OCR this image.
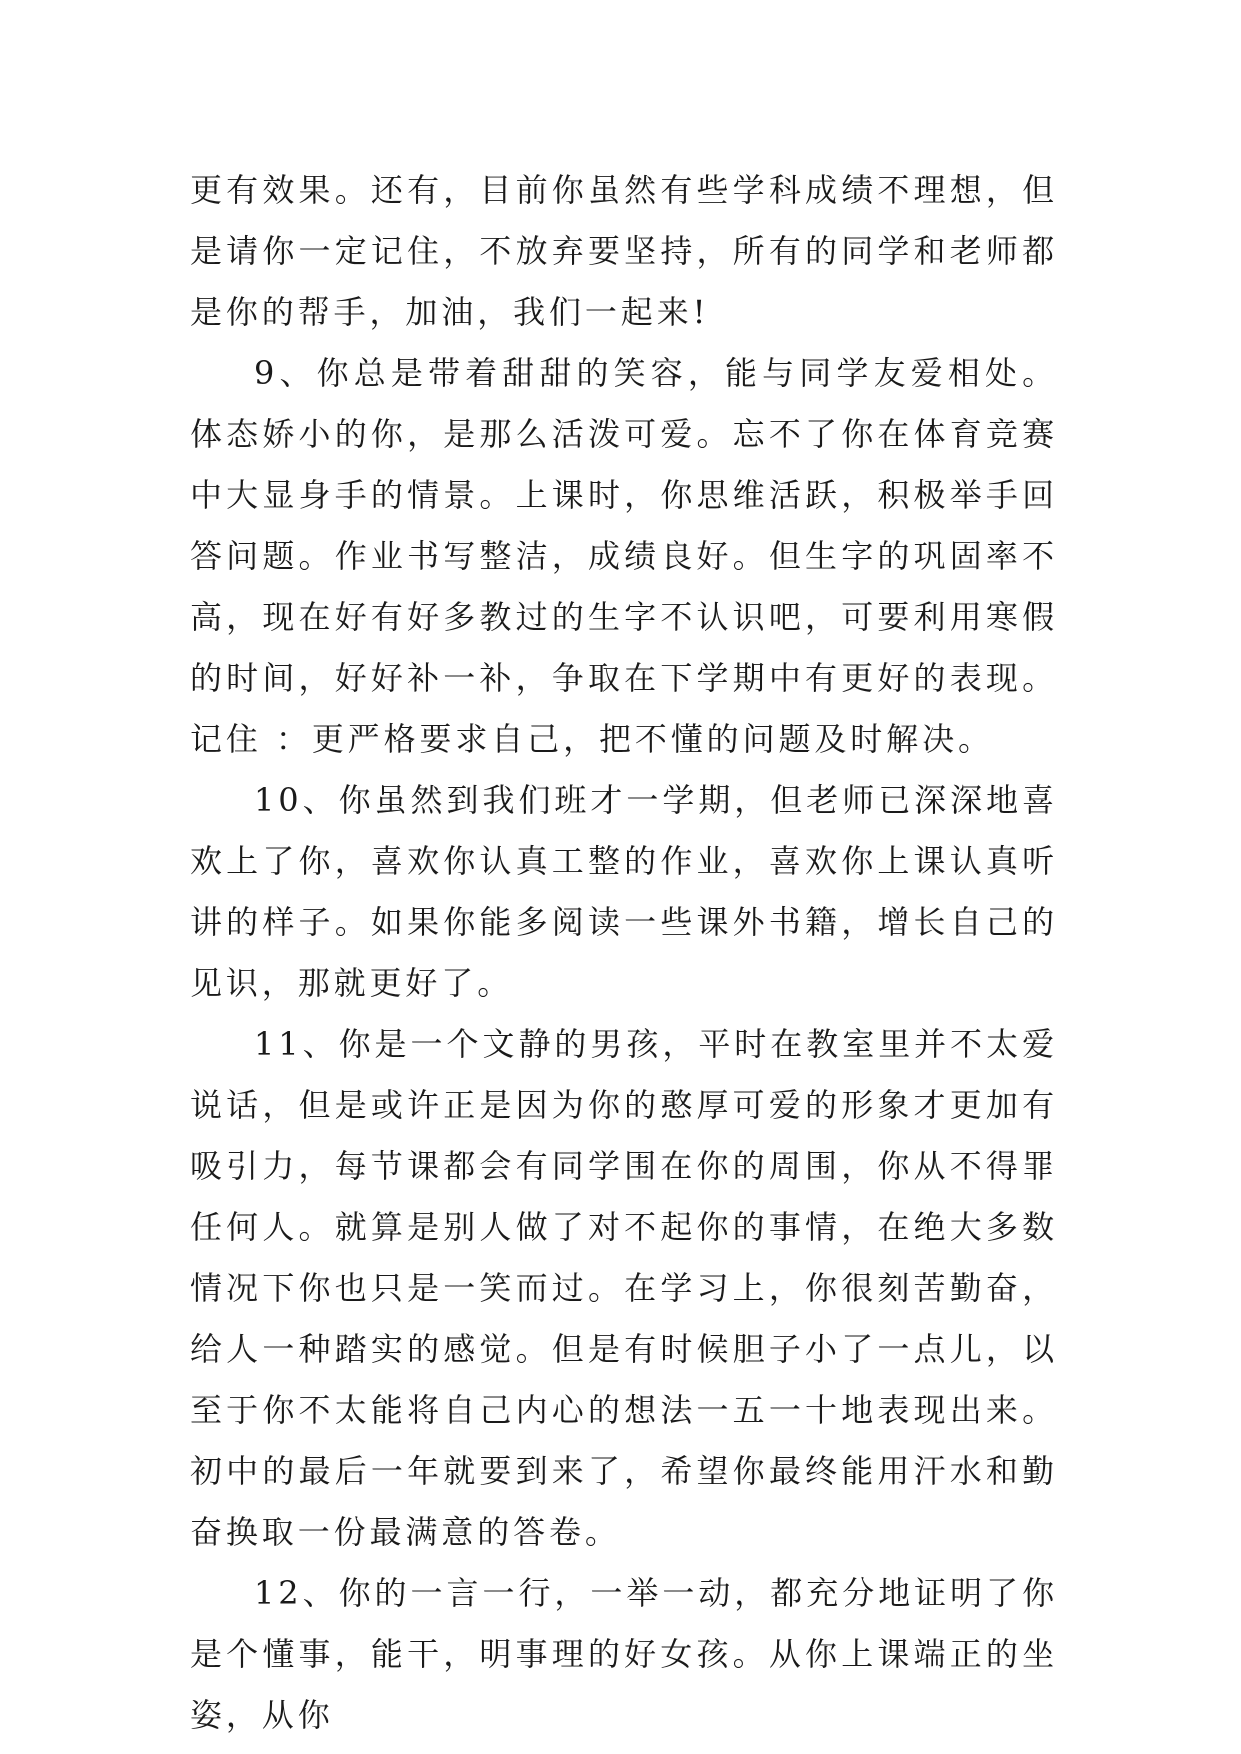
更有效果。还有，目前你虽然有些学科成绩不理想，但是请你一定记住，不放弃要坚持，所有的同学和老师都是你的帮手，加油，我们一起来!

9、你总是带着甜甜的笑容，能与同学友爱相处。体态娇小的你，是那么活泼可爱。忘不了你在体育竞赛中大显身手的情景。上课时，你思维活跃，积极举手回答问题。作业书写整洁，成绩良好。但生字的巩固率不高，现在好有好多教过的生字不认识吧，可要利用寒假的时间，好好补一补，争取在下学期中有更好的表现。记住 ：更严格要求自己，把不懂的问题及时解决。

10、你虽然到我们班才一学期，但老师已深深地喜欢上了你，喜欢你认真工整的作业，喜欢你上课认真听讲的样子。如果你能多阅读一些课外书籍，增长自己的见识，那就更好了。

11、你是一个文静的男孩，平时在教室里并不太爱说话，但是或许正是因为你的憨厚可爱的形象才更加有吸引力，每节课都会有同学围在你的周围，你从不得罪任何人。就算是别人做了对不起你的事情，在绝大多数情况下你也只是一笑而过。在学习上，你很刻苦勤奋，给人一种踏实的感觉。但是有时候胆子小了一点儿，以至于你不太能将自己内心的想法一五一十地表现出来。初中的最后一年就要到来了，希望你最终能用汗水和勤奋换取一份最满意的答卷。

12、你的一言一行，一举一动，都充分地证明了你是个懂事，能干，明事理的好女孩。从你上课端正的坐姿，从你
